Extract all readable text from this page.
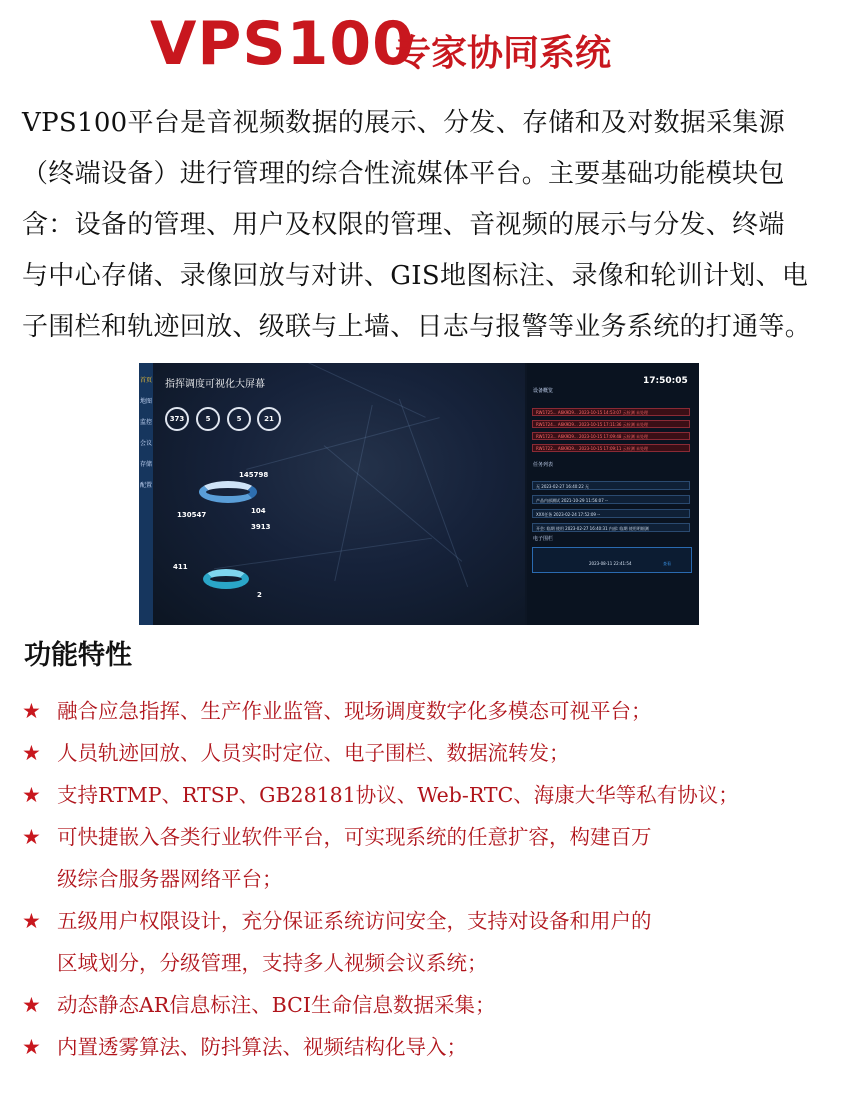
VPS100
专家协同系统
VPS100平台是音视频数据的展示、分发、存储和及对数据采集源
（终端设备）进行管理的综合性流媒体平台。主要基础功能模块包
含：设备的管理、用户及权限的管理、音视频的展示与分发、终端
与中心存储、录像回放与对讲、GIS地图标注、录像和轮训计划、电
子围栏和轨迹回放、级联与上墙、日志与报警等业务系统的打通等。
首页
地图
监控
会议
存储
配置
指挥调度可视化大屏幕
373	5	5	21
145798
130547	104
3913
411
2
17:50:05
设备概览
RW1725... A6K9D9... 2023-10-15 14:53:07 云检测 未处理
RW1724... A6K9D9... 2023-10-15 17:11:36 云检测 未处理
RW1723... A6K9D9... 2023-10-15 17:09:48 云检测 未处理
RW1722... A6K9D9... 2023-10-15 17:09:11 云检测 未处理
任务列表
无 2023-02-27 16:40:22 无
产品内部测试 2021-10-29 11:56:07 --
XXX任务 2023-02-24 17:52:09 --
开会: 临期 使用 2023-02-27 16:40:31 内部: 临期 使用明细测
电子围栏
2023-08-11 22:41:54	查看
功能特性
★ 融合应急指挥、生产作业监管、现场调度数字化多模态可视平台；
★ 人员轨迹回放、人员实时定位、电子围栏、数据流转发；
★ 支持RTMP、RTSP、GB28181协议、Web-RTC、海康大华等私有协议；
★ 可快捷嵌入各类行业软件平台，可实现系统的任意扩容，构建百万
级综合服务器网络平台；
★ 五级用户权限设计，充分保证系统访问安全，支持对设备和用户的
区域划分，分级管理，支持多人视频会议系统；
★ 动态静态AR信息标注、BCI生命信息数据采集；
★ 内置透雾算法、防抖算法、视频结构化导入；
